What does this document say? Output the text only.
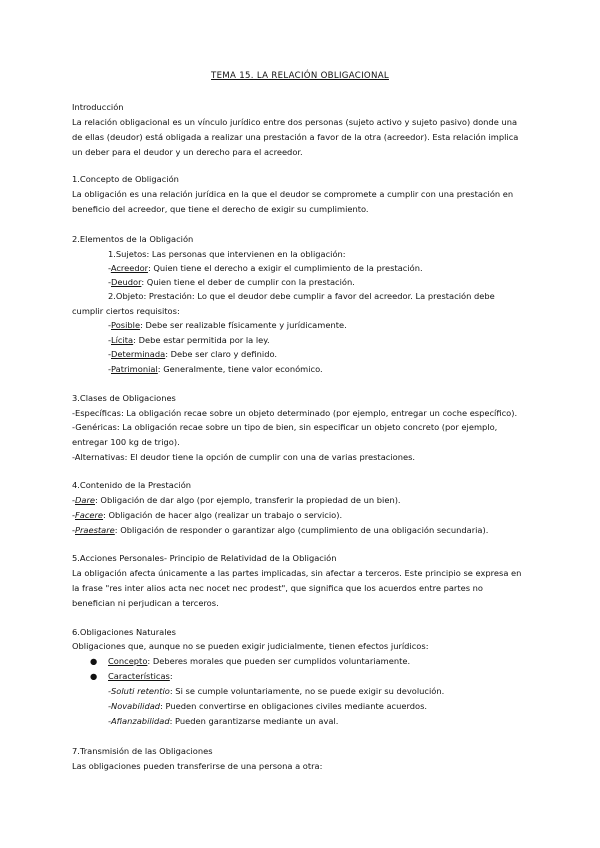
TEMA 15. LA RELACIÓN OBLIGACIONAL
Introducción
La relación obligacional es un vínculo jurídico entre dos personas (sujeto activo y sujeto pasivo) donde una
de ellas (deudor) está obligada a realizar una prestación a favor de la otra (acreedor). Esta relación implica
un deber para el deudor y un derecho para el acreedor.
1.Concepto de Obligación
La obligación es una relación jurídica en la que el deudor se compromete a cumplir con una prestación en
beneficio del acreedor, que tiene el derecho de exigir su cumplimiento.
2.Elementos de la Obligación
1.Sujetos: Las personas que intervienen en la obligación:
-Acreedor: Quien tiene el derecho a exigir el cumplimiento de la prestación.
-Deudor: Quien tiene el deber de cumplir con la prestación.
2.Objeto: Prestación: Lo que el deudor debe cumplir a favor del acreedor. La prestación debe
cumplir ciertos requisitos:
-Posible: Debe ser realizable físicamente y jurídicamente.
-Lícita: Debe estar permitida por la ley.
-Determinada: Debe ser claro y definido.
-Patrimonial: Generalmente, tiene valor económico.
3.Clases de Obligaciones
-Específicas: La obligación recae sobre un objeto determinado (por ejemplo, entregar un coche específico).
-Genéricas: La obligación recae sobre un tipo de bien, sin especificar un objeto concreto (por ejemplo,
entregar 100 kg de trigo).
-Alternativas: El deudor tiene la opción de cumplir con una de varias prestaciones.
4.Contenido de la Prestación
-Dare: Obligación de dar algo (por ejemplo, transferir la propiedad de un bien).
-Facere: Obligación de hacer algo (realizar un trabajo o servicio).
-Praestare: Obligación de responder o garantizar algo (cumplimiento de una obligación secundaria).
5.Acciones Personales- Principio de Relatividad de la Obligación
La obligación afecta únicamente a las partes implicadas, sin afectar a terceros. Este principio se expresa en
la frase "res inter alios acta nec nocet nec prodest", que significa que los acuerdos entre partes no
benefician ni perjudican a terceros.
6.Obligaciones Naturales
Obligaciones que, aunque no se pueden exigir judicialmente, tienen efectos jurídicos:
● Concepto: Deberes morales que pueden ser cumplidos voluntariamente.
● Características:
-Soluti retentio: Si se cumple voluntariamente, no se puede exigir su devolución.
-Novabilidad: Pueden convertirse en obligaciones civiles mediante acuerdos.
-Afianzabilidad: Pueden garantizarse mediante un aval.
7.Transmisión de las Obligaciones
Las obligaciones pueden transferirse de una persona a otra:
